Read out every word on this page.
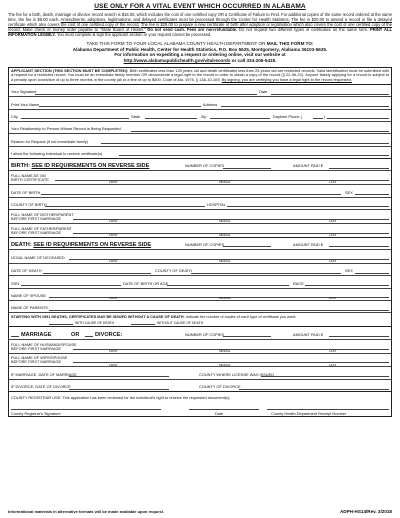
USE ONLY FOR A VITAL EVENT WHICH OCCURRED IN ALABAMA
The fee for a birth, death, marriage or divorce record search is $15.00, which includes the cost of one certified copy OR a Certificate of Failure to Find. For additional copies of the same record ordered at the same time, the fee is $6.00 each. Amendments, adoptions, legitimations, and delayed certificates must be processed through the Center for Health Statistics. The fee is $20.00 to amend a record or file a delayed certificate which also covers the cost of one certified copy of the record. The fee is $25.00 to prepare a new certificate of birth after adoption or legitimation which also covers the cost of one certified copy of the record. Make check or money order payable to "State Board of Health." Do not send cash. Fees are non-refundable. Do not request two different types of certificates on the same form. PRINT ALL INFORMATION LEGIBLY. You must complete & sign the applicant section or your request cannot be processed.
TAKE THIS FORM TO YOUR LOCAL ALABAMA COUNTY HEALTH DEPARTMENT OR MAIL THIS FORM TO:
Alabama Department of Public Health, Center for Health Statistics, P.O. Box 5625, Montgomery, Alabama 36103-5625.
For information on expediting a request or ordering online, visit our website at
http://www.alabamapublichealth.gov/vitalrecords or call 334-206-5418.
APPLICANT SECTION (THIS SECTION MUST BE COMPLETED): Birth certificates less than 125 years old and death certificates less than 25 years old are restricted records. Valid identification must be submitted with a request for a restricted record. You must be an immediate family member OR demonstrate a legal right to the record in order to obtain a copy of the record (§ 22-9A-21). Anyone falsely applying for a record is subject to a penalty upon conviction of up to three months in the county jail or a fine of up to $500. Code of Ala. 1975, § 13A-10-109. By signing, you are certifying you have a legal right to the record requested.
Your Signature	Date
Print Your Name	Address
City	State	Zip	Daytime Phone (	)
Your Relationship to Person Whose Record is Being Requested
Reason for Request (if not immediate family)
I allow the following individual to receive certificate(s)
BIRTH: SEE ID REQUIREMENTS ON REVERSE SIDE	NUMBER OF COPIES	AMOUNT PAID $
FULL NAME AS ON
BIRTH CERTIFICATE
FIRST	MIDDLE	LAST
DATE OF BIRTH	SEX
COUNTY OF BIRTH	HOSPITAL
FULL NAME OF MOTHER/PARENT
BEFORE FIRST MARRIAGE
FIRST	MIDDLE	LAST
FULL NAME OF FATHER/PARENT
BEFORE FIRST MARRIAGE
FIRST	MIDDLE	LAST
DEATH: SEE ID REQUIREMENTS ON REVERSE SIDE	NUMBER OF COPIES	AMOUNT PAID $
LEGAL NAME OF DECEASED
FIRST	MIDDLE	LAST
DATE OF DEATH	COUNTY OF DEATH	SEX
SSN	DATE OF BIRTH OR AGE	RACE
NAME OF SPOUSE
FIRST	MIDDLE	LAST
NAME OF PARENTS
STARTING WITH 1991 DEATHS, CERTIFICATES MAY BE ISSUED WITHOUT A CAUSE OF DEATH. Indicate the number of copies of each type of certificate you want:
WITH CAUSE OF DEATH	WITHOUT CAUSE OF DEATH
MARRIAGE	OR	DIVORCE:	NUMBER OF COPIES	AMOUNT PAID $
FULL NAME OF HUSBAND/SPOUSE
BEFORE FIRST MARRIAGE
FIRST	MIDDLE	LAST
FULL NAME OF WIFE/SPOUSE
BEFORE FIRST MARRIAGE
FIRST	MIDDLE	LAST
IF MARRIAGE, DATE OF MARRIAGE	COUNTY WHERE LICENSE WAS ISSUED
IF DIVORCE, DATE OF DIVORCE	COUNTY OF DIVORCE
COUNTY REGISTRAR USE: This application has been reviewed for the individual's right to receive the requested document(s).
County Registrar's Signature	Date	County Health Department Receipt Number
Informational materials in alternative formats will be made available upon request.	ADPH-HS14/Rev. 3/2018
